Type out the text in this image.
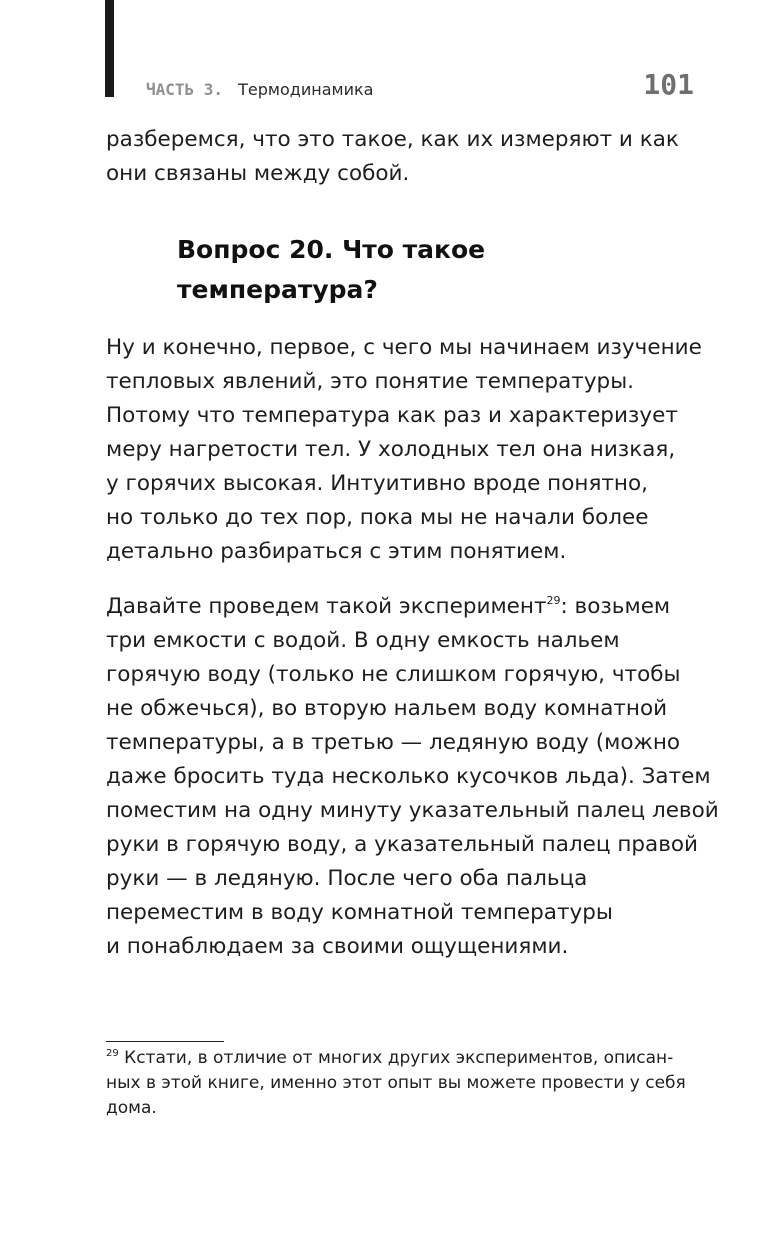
ЧАСТЬ 3. Термодинамика	101
разберемся, что это такое, как их измеряют и как
они связаны между собой.
Вопрос 20. Что такое
температура?
Ну и конечно, первое, с чего мы начинаем изучение
тепловых явлений, это понятие температуры.
Потому что температура как раз и характеризует
меру нагретости тел. У холодных тел она низкая,
у горячих высокая. Интуитивно вроде понятно,
но только до тех пор, пока мы не начали более
детально разбираться с этим понятием.
Давайте проведем такой эксперимент$^{29}$: возьмем
три емкости с водой. В одну емкость нальем
горячую воду (только не слишком горячую, чтобы
не обжечься), во вторую нальем воду комнатной
температуры, а в третью — ледяную воду (можно
даже бросить туда несколько кусочков льда). Затем
поместим на одну минуту указательный палец левой
руки в горячую воду, а указательный палец правой
руки — в ледяную. После чего оба пальца
переместим в воду комнатной температуры
и понаблюдаем за своими ощущениями.
$^{29}$ Кстати, в отличие от многих других экспериментов, описан-
ных в этой книге, именно этот опыт вы можете провести у себя
дома.
